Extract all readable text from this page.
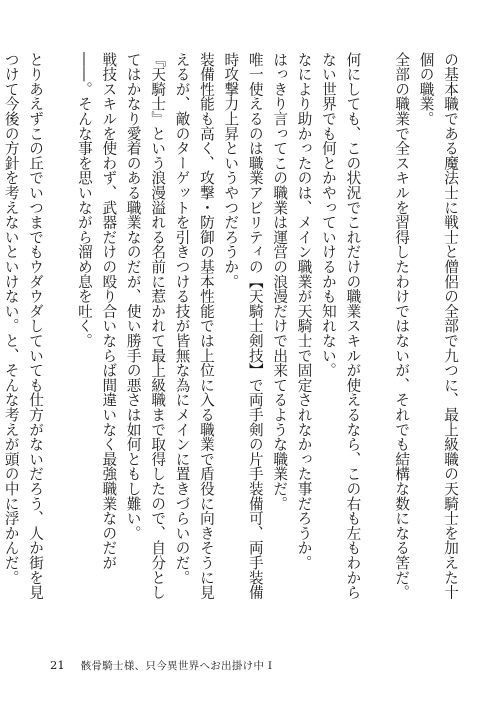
の基本職である魔法士に戦士と僧侶の全部で九つに、最上級職の天騎士を加えた十個の職業。

全部の職業で全スキルを習得したわけではないが、それでも結構な数になる筈だ。

何にしても、この状況でこれだけの職業スキルが使えるなら、この右も左もわからない世界でも何とかやっていけるかも知れない。

なにより助かったのは、メイン職業が天騎士で固定されなかった事だろうか。

はっきり言ってこの職業は運営の浪漫だけで出来てるような職業だ。

唯一使えるのは職業アビリティの【天騎士剣技】で両手剣の片手装備可、両手装備時攻撃力上昇というやつだろうか。

装備性能も高く、攻撃・防御の基本性能では上位に入る職業で盾役に向きそうに見えるが、敵のターゲットを引きつける技が皆無な為にメインに置きづらいのだ。

『天騎士』という浪漫溢れる名前に惹かれて最上級職まで取得したので、自分としてはかなり愛着のある職業なのだが、使い勝手の悪さは如何ともし難い。

戦技スキルを使わず、武器だけの殴り合いならば間違いなく最強職業なのだが――。そんな事を思いながら溜め息を吐く。

とりあえずこの丘でいつまでもウダウダしていても仕方がないだろう、人か街を見つけて今後の方針を考えないといけない。と、そんな考えが頭の中に浮かんだ。

21 骸骨騎士様、只今異世界へお出掛け中 Ⅰ
